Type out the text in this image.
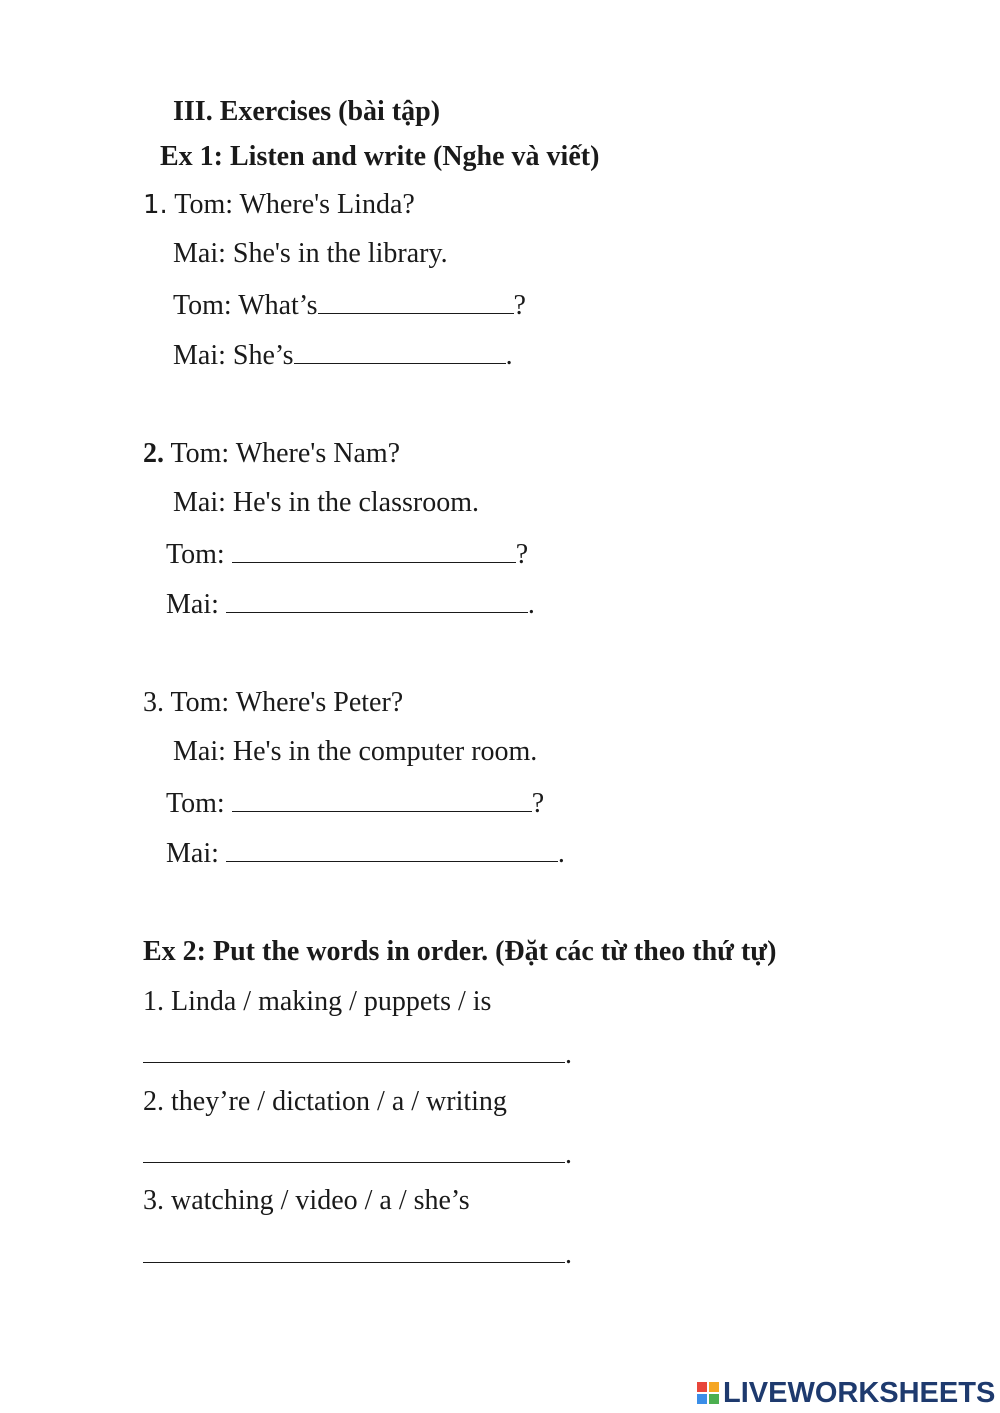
III. Exercises (bài tập)
Ex 1: Listen and write (Nghe và viết)
1. Tom: Where's Linda?
Mai: She's in the library.
Tom: What’s	?
Mai: She’s	.
2. Tom: Where's Nam?
Mai: He's in the classroom.
Tom:	?
Mai:	.
3. Tom: Where's Peter?
Mai: He's in the computer room.
Tom:	?
Mai:	.
Ex 2: Put the words in order. (Đặt các từ theo thứ tự)
1. Linda / making / puppets / is
.
2. they’re / dictation / a / writing
.
3. watching / video / a / she’s
.
LIVEWORKSHEETS
